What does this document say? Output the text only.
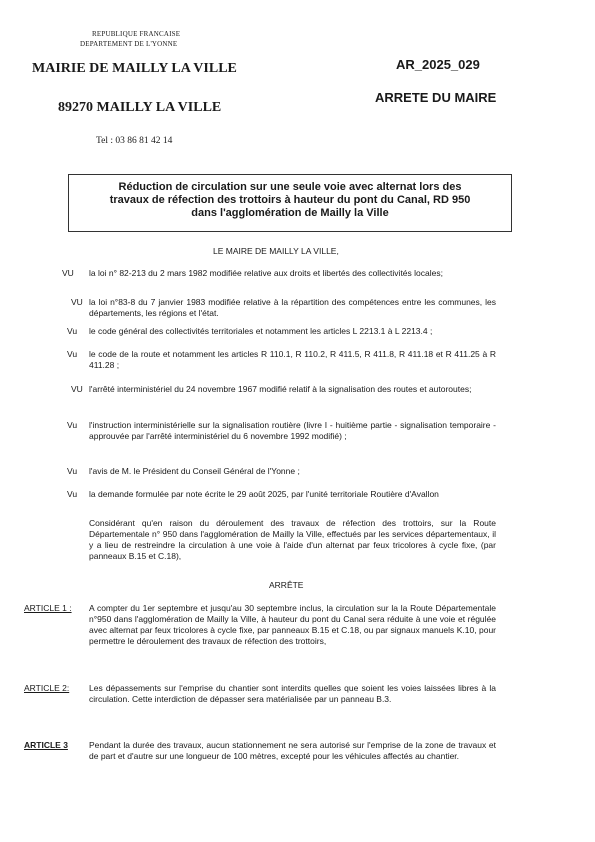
REPUBLIQUE FRANCAISE
DEPARTEMENT DE L'YONNE
MAIRIE DE MAILLY LA VILLE
89270 MAILLY LA VILLE
Tel : 03 86 81 42 14
AR_2025_029
ARRETE DU MAIRE
Réduction de circulation sur une seule voie avec alternat lors des
travaux de réfection des trottoirs à hauteur du pont du Canal, RD 950
dans l'agglomération de Mailly la Ville
LE MAIRE DE MAILLY LA VILLE,
VU la loi n° 82-213 du 2 mars 1982 modifiée relative aux droits et libertés des collectivités locales;
VU la loi n°83-8 du 7 janvier 1983 modifiée relative à la répartition des compétences entre les communes, les départements, les régions et l'état.
Vu le code général des collectivités territoriales et notamment les articles L 2213.1 à L 2213.4 ;
Vu le code de la route et notamment les articles R 110.1, R 110.2, R 411.5, R 411.8, R 411.18 et R 411.25 à R 411.28 ;
VU l'arrêté interministériel du 24 novembre 1967 modifié relatif à la signalisation des routes et autoroutes;
Vu l'instruction interministérielle sur la signalisation routière (livre I - huitième partie - signalisation temporaire - approuvée par l'arrêté interministériel du 6 novembre 1992 modifié) ;
Vu l'avis de M. le Président du Conseil Général de l'Yonne ;
Vu la demande formulée par note écrite le 29 août 2025, par l'unité territoriale Routière d'Avallon
Considérant qu'en raison du déroulement des travaux de réfection des trottoirs, sur la Route Départementale n° 950 dans l'agglomération de Mailly la Ville, effectués par les services départementaux, il y a lieu de restreindre la circulation à une voie à l'aide d'un alternat par feux tricolores à cycle fixe, (par panneaux B.15 et C.18),
ARRÊTE
ARTICLE 1 : A compter du 1er septembre et jusqu'au 30 septembre inclus, la circulation sur la la Route Départementale n°950 dans l'agglomération de Mailly la Ville, à hauteur du pont du Canal sera réduite à une voie et régulée avec alternat par feux tricolores à cycle fixe, par panneaux B.15 et C.18, ou par signaux manuels K.10, pour permettre le déroulement des travaux de réfection des trottoirs,
ARTICLE 2: Les dépassements sur l'emprise du chantier sont interdits quelles que soient les voies laissées libres à la circulation. Cette interdiction de dépasser sera matérialisée par un panneau B.3.
ARTICLE 3 Pendant la durée des travaux, aucun stationnement ne sera autorisé sur l'emprise de la zone de travaux et de part et d'autre sur une longueur de 100 mètres, excepté pour les véhicules affectés au chantier.
